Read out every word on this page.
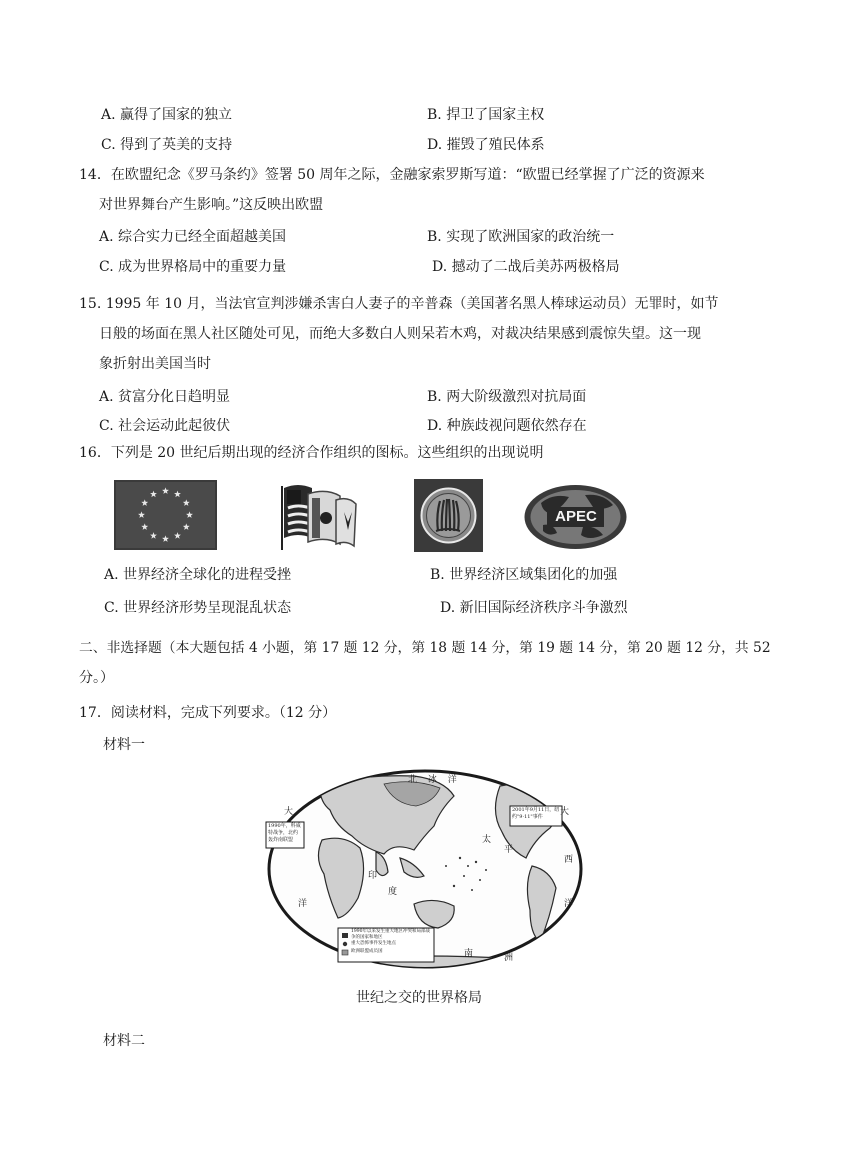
A. 赢得了国家的独立	B. 捍卫了国家主权
C. 得到了英美的支持	D. 摧毁了殖民体系
14．在欧盟纪念《罗马条约》签署 50 周年之际，金融家索罗斯写道：“欧盟已经掌握了广泛的资源来
对世界舞台产生影响。”这反映出欧盟
A. 综合实力已经全面超越美国	B. 实现了欧洲国家的政治统一
C. 成为世界格局中的重要力量	D. 撼动了二战后美苏两极格局
15. 1995 年 10 月，当法官宣判涉嫌杀害白人妻子的辛普森（美国著名黑人棒球运动员）无罪时，如节
日般的场面在黑人社区随处可见，而绝大多数白人则呆若木鸡，对裁决结果感到震惊失望。这一现
象折射出美国当时
A. 贫富分化日趋明显	B. 两大阶级激烈对抗局面
C. 社会运动此起彼伏	D. 种族歧视问题依然存在
16．下列是 20 世纪后期出现的经济合作组织的图标。这些组织的出现说明
APEC
A. 世界经济全球化的进程受挫	B. 世界经济区域集团化的加强
C. 世界经济形势呈现混乱状态	D. 新旧国际经济秩序斗争激烈
二、非选择题（本大题包括 4 小题，第 17 题 12 分，第 18 题 14 分，第 19 题 14 分，第 20 题 12 分，共 52
分。）
17．阅读材料，完成下列要求。（12 分）
材料一
北 冰 洋
大	大
西
洋	洋
太
平
印
度
南	洲
1990年，科威特战争，北约轰炸南联盟
2001年9月11日，纽约"9·11"事件
1990年以来发生重大地区冲突和局部战争的国家和地区
重大恐怖事件发生地点
欧洲联盟成员国
世纪之交的世界格局
材料二
